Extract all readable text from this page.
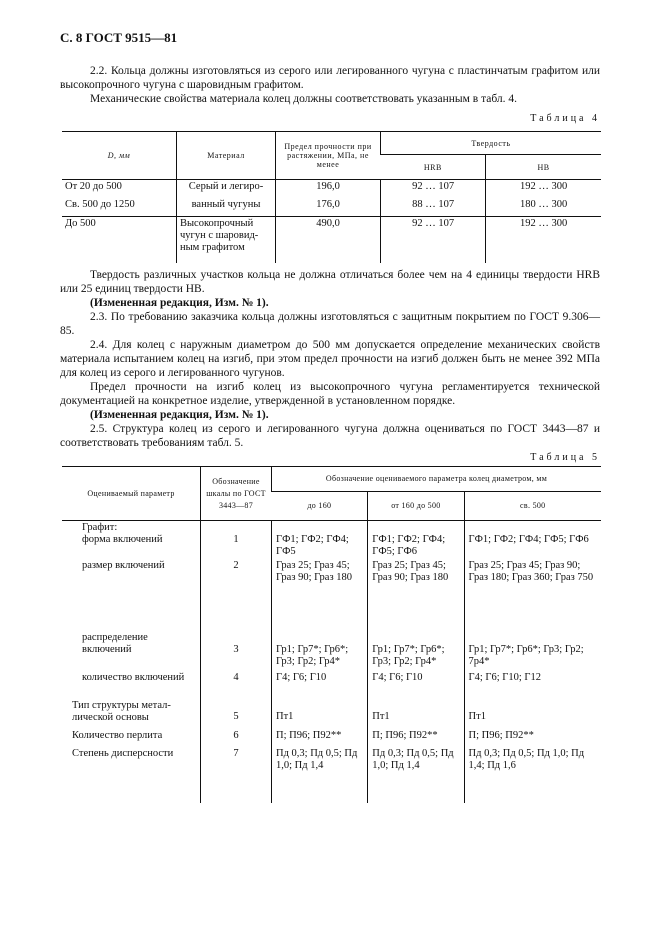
С. 8 ГОСТ 9515—81
2.2. Кольца должны изготовляться из серого или легированного чугуна с пластинчатым графитом или высокопрочного чугуна с шаровидным графитом.
Механические свойства материала колец должны соответствовать указанным в табл. 4.
Таблица 4
D, мм	Материал	Предел прочности при растяжении, МПа, не менее	Твердость	
			HRB	HB
От 20 до 500	Серый и легиро-	196,0	92 … 107	192 … 300
Св. 500 до 1250	ванный чугуны	176,0	88 … 107	180 … 300
До 500	Высокопрочный чугун с шаровид-ным графитом	490,0	92 … 107	192 … 300
Твердость различных участков кольца не должна отличаться более чем на 4 единицы твердости HRB или 25 единиц твердости HB.
(Измененная редакция, Изм. № 1).
2.3. По требованию заказчика кольца должны изготовляться с защитным покрытием по ГОСТ 9.306—85.
2.4. Для колец с наружным диаметром до 500 мм допускается определение механических свойств материала испытанием колец на изгиб, при этом предел прочности на изгиб должен быть не менее 392 МПа для колец из серого и легированного чугунов.
Предел прочности на изгиб колец из высокопрочного чугуна регламентируется технической документацией на конкретное изделие, утвержденной в установленном порядке.
(Измененная редакция, Изм. № 1).
2.5. Структура колец из серого и легированного чугуна должна оцениваться по ГОСТ 3443—87 и соответствовать требованиям табл. 5.
Таблица 5
Оцениваемый параметр	Обозначение шкалы по ГОСТ 3443—87	Обозначение оцениваемого параметра колец диаметром, мм		
		до 160	от 160 до 500	св. 500

Графит:
форма включений	1	ГФ1; ГФ2; ГФ4; ГФ5	ГФ1; ГФ2; ГФ4; ГФ5; ГФ6	ГФ1; ГФ2; ГФ4; ГФ5; ГФ6
размер включений	2	Граз 25; Граз 45; Граз 90; Граз 180	Граз 25; Граз 45; Граз 90; Граз 180	Граз 25; Граз 45; Граз 90; Граз 180; Граз 360; Граз 750

распределение
включений	3	Гр1; Гр7*; Гр6*; Гр3; Гр2; Гр4*	Гр1; Гр7*; Гр6*; Гр3; Гр2; Гр4*	Гр1; Гр7*; Гр6*; Гр3; Гр2; 7р4*
количество включений	4	Г4; Г6; Г10	Г4; Г6; Г10	Г4; Г6; Г10; Г12

Тип структуры метал-
лической основы	5	Пт1	Пт1	Пт1
Количество перлита	6	П; П96; П92**	П; П96; П92**	П; П96; П92**
Степень дисперсности	7	Пд 0,3; Пд 0,5; Пд 1,0; Пд 1,4	Пд 0,3; Пд 0,5; Пд 1,0; Пд 1,4	Пд 0,3; Пд 0,5; Пд 1,0; Пд 1,4; Пд 1,6
